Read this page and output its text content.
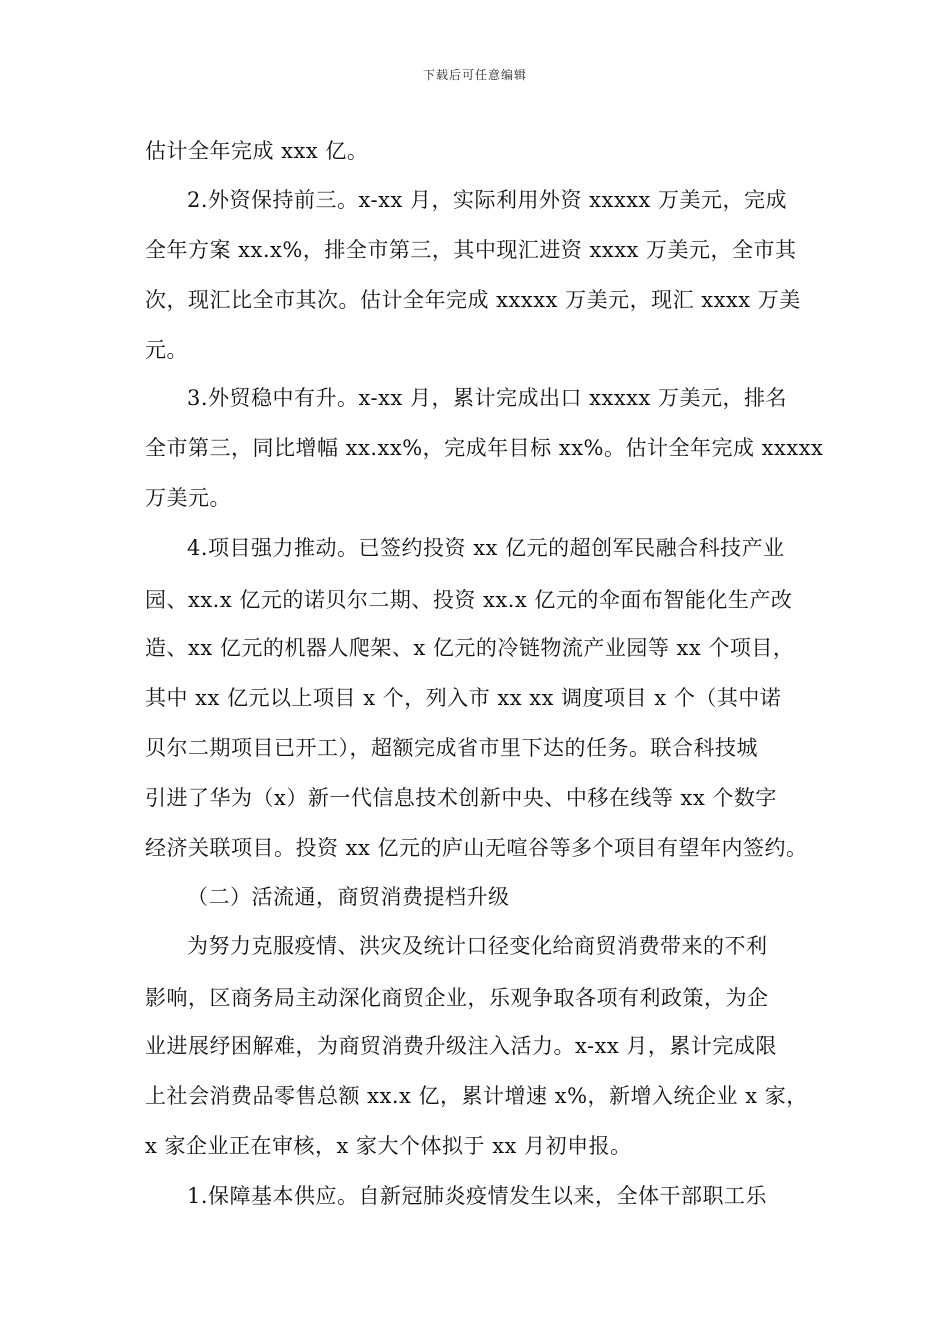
下载后可任意编辑
估计全年完成 xxx 亿。
2.外资保持前三。x-xx 月，实际利用外资 xxxxx 万美元，完成
全年方案 xx.x%，排全市第三，其中现汇进资 xxxx 万美元，全市其
次，现汇比全市其次。估计全年完成 xxxxx 万美元，现汇 xxxx 万美
元。
3.外贸稳中有升。x-xx 月，累计完成出口 xxxxx 万美元，排名
全市第三，同比增幅 xx.xx%，完成年目标 xx%。估计全年完成 xxxxx
万美元。
4.项目强力推动。已签约投资 xx 亿元的超创军民融合科技产业
园、xx.x 亿元的诺贝尔二期、投资 xx.x 亿元的伞面布智能化生产改
造、xx 亿元的机器人爬架、x 亿元的冷链物流产业园等 xx 个项目，
其中 xx 亿元以上项目 x 个，列入市 xx xx 调度项目 x 个（其中诺
贝尔二期项目已开工），超额完成省市里下达的任务。联合科技城
引进了华为（x）新一代信息技术创新中央、中移在线等 xx 个数字
经济关联项目。投资 xx 亿元的庐山无喧谷等多个项目有望年内签约。
（二）活流通，商贸消费提档升级
为努力克服疫情、洪灾及统计口径变化给商贸消费带来的不利
影响，区商务局主动深化商贸企业，乐观争取各项有利政策，为企
业进展纾困解难，为商贸消费升级注入活力。x-xx 月，累计完成限
上社会消费品零售总额 xx.x 亿，累计增速 x%，新增入统企业 x 家，
x 家企业正在审核，x 家大个体拟于 xx 月初申报。
1.保障基本供应。自新冠肺炎疫情发生以来，全体干部职工乐
